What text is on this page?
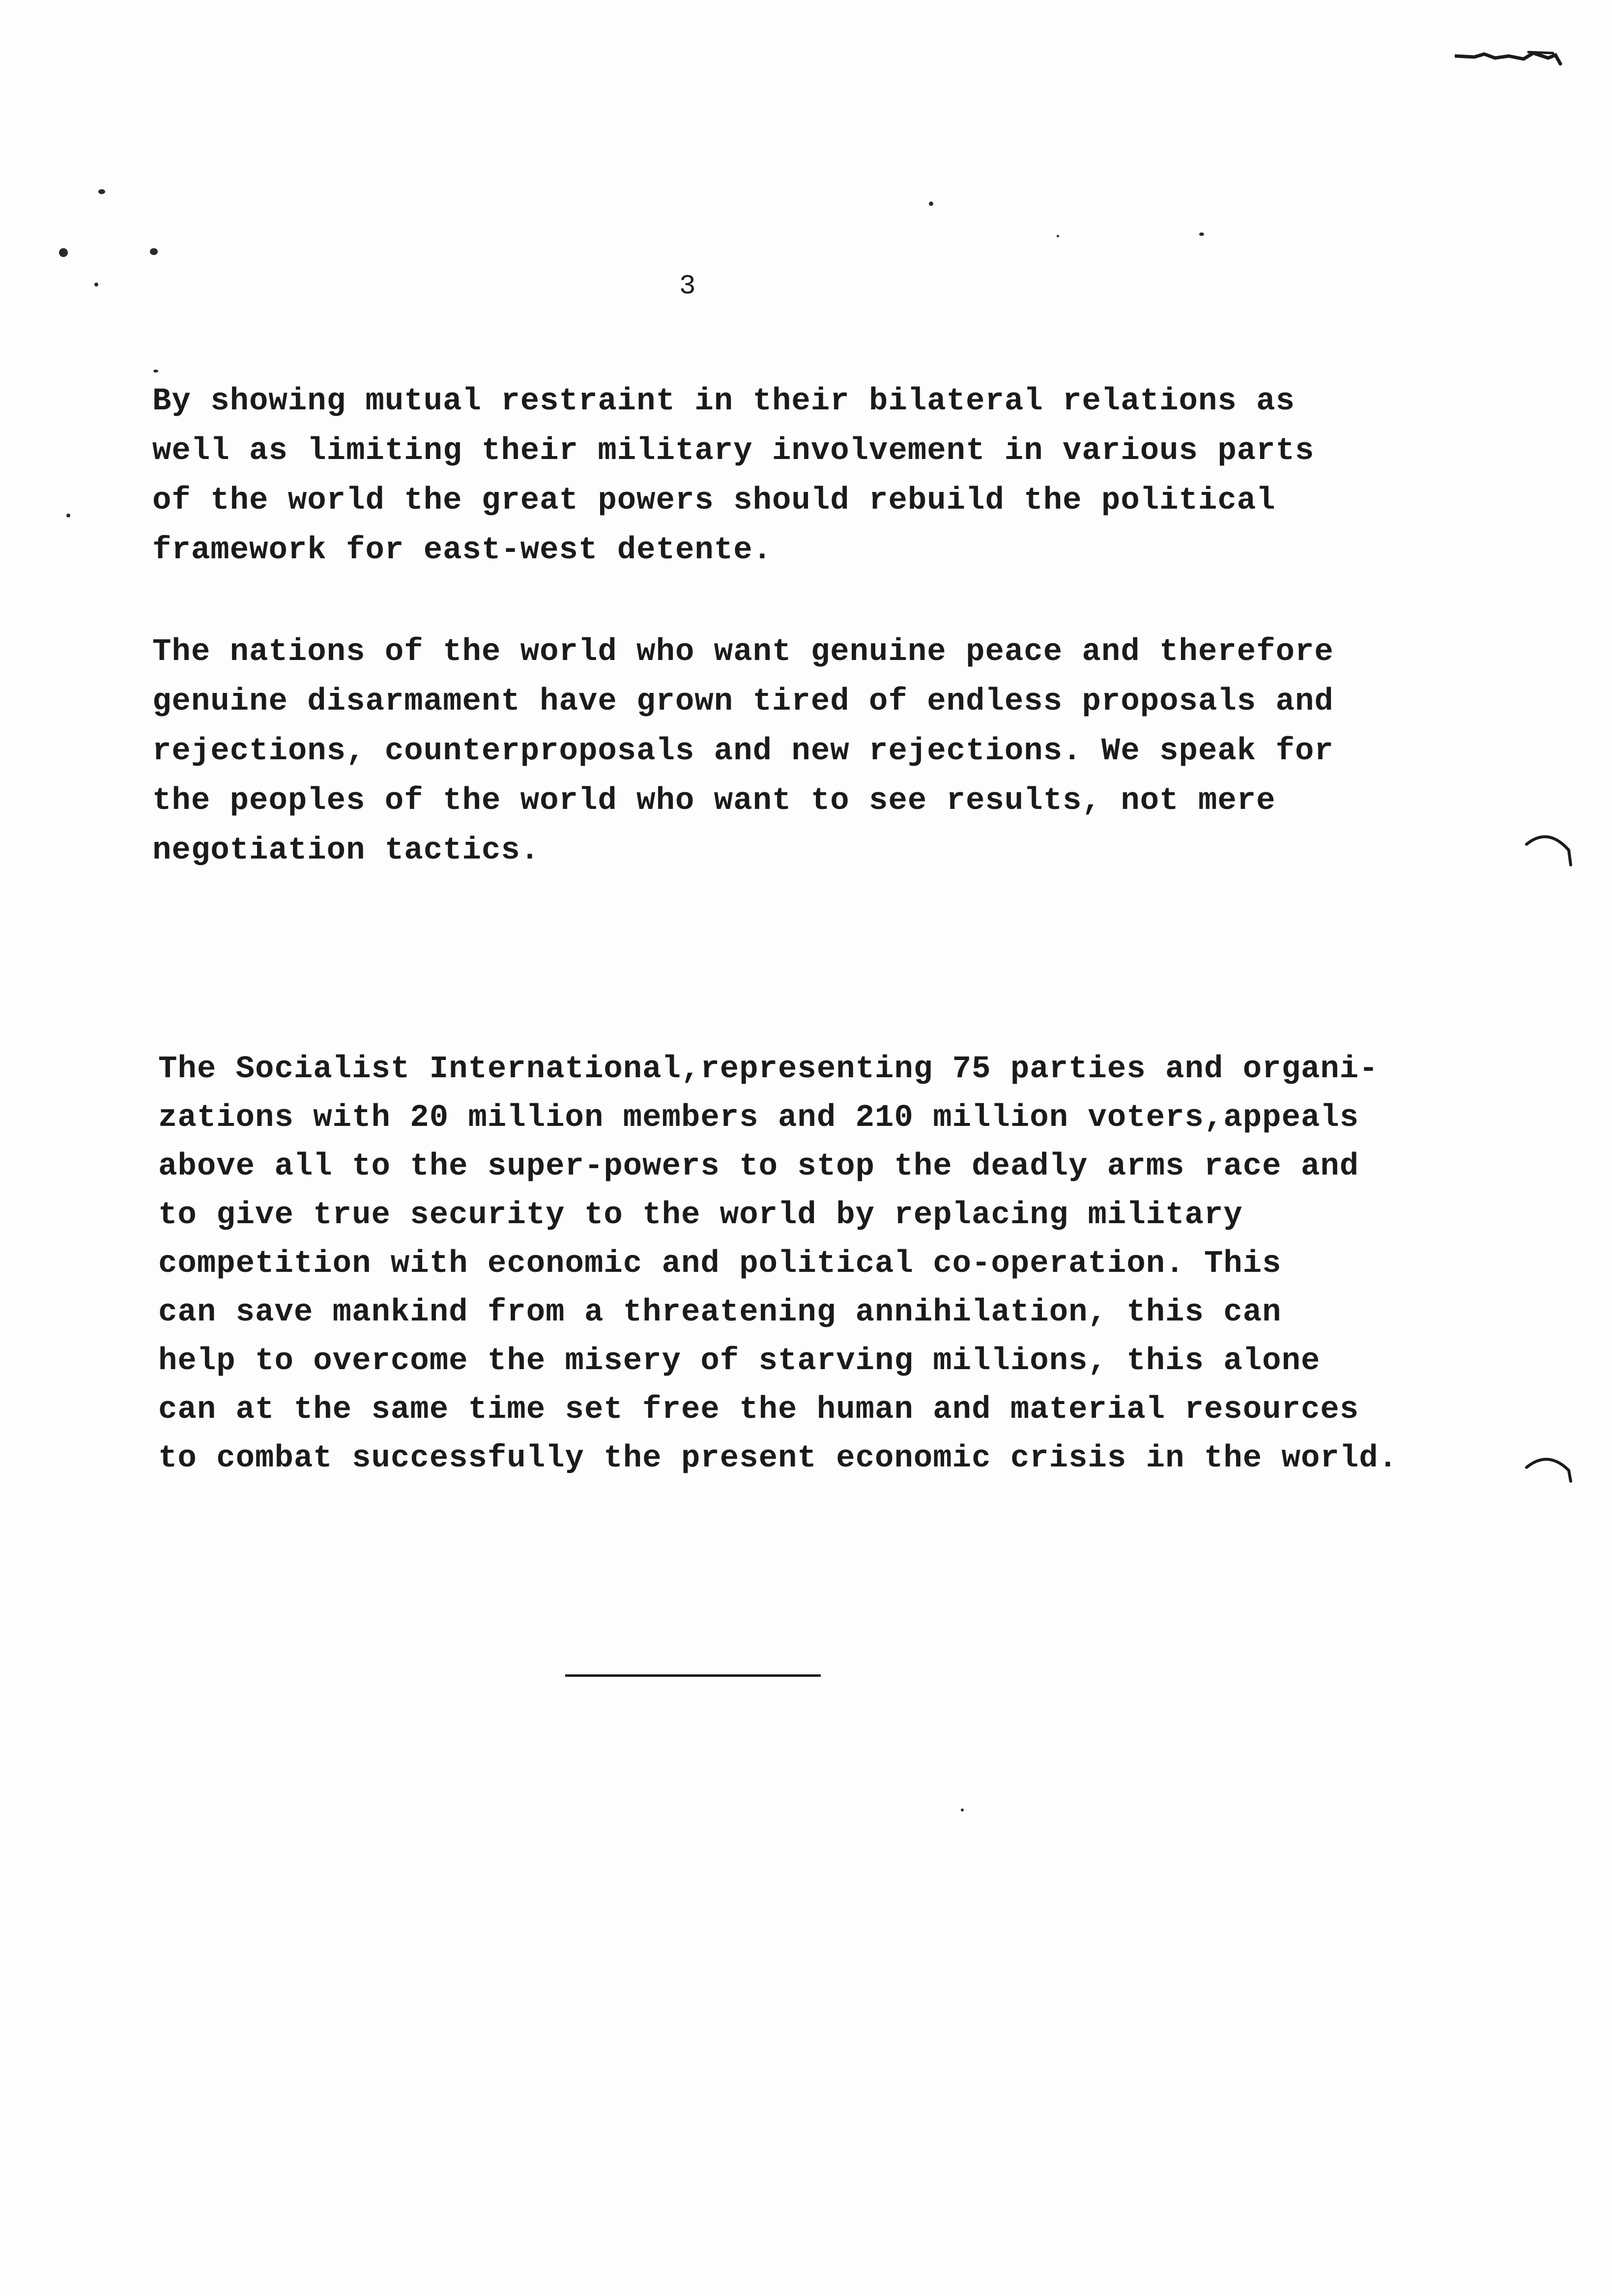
3

By showing mutual restraint in their bilateral relations as
well as limiting their military involvement in various parts
of the world the great powers should rebuild the political
framework for east-west detente.

The nations of the world who want genuine peace and therefore
genuine disarmament have grown tired of endless proposals and
rejections, counterproposals and new rejections. We speak for
the peoples of the world who want to see results, not mere
negotiation tactics.

The Socialist International,representing 75 parties and organi-
zations with 20 million members and 210 million voters,appeals
above all to the super-powers to stop the deadly arms race and
to give true security to the world by replacing military
competition with economic and political co-operation. This
can save mankind from a threatening annihilation, this can
help to overcome the misery of starving millions, this alone
can at the same time set free the human and material resources
to combat successfully the present economic crisis in the world.
